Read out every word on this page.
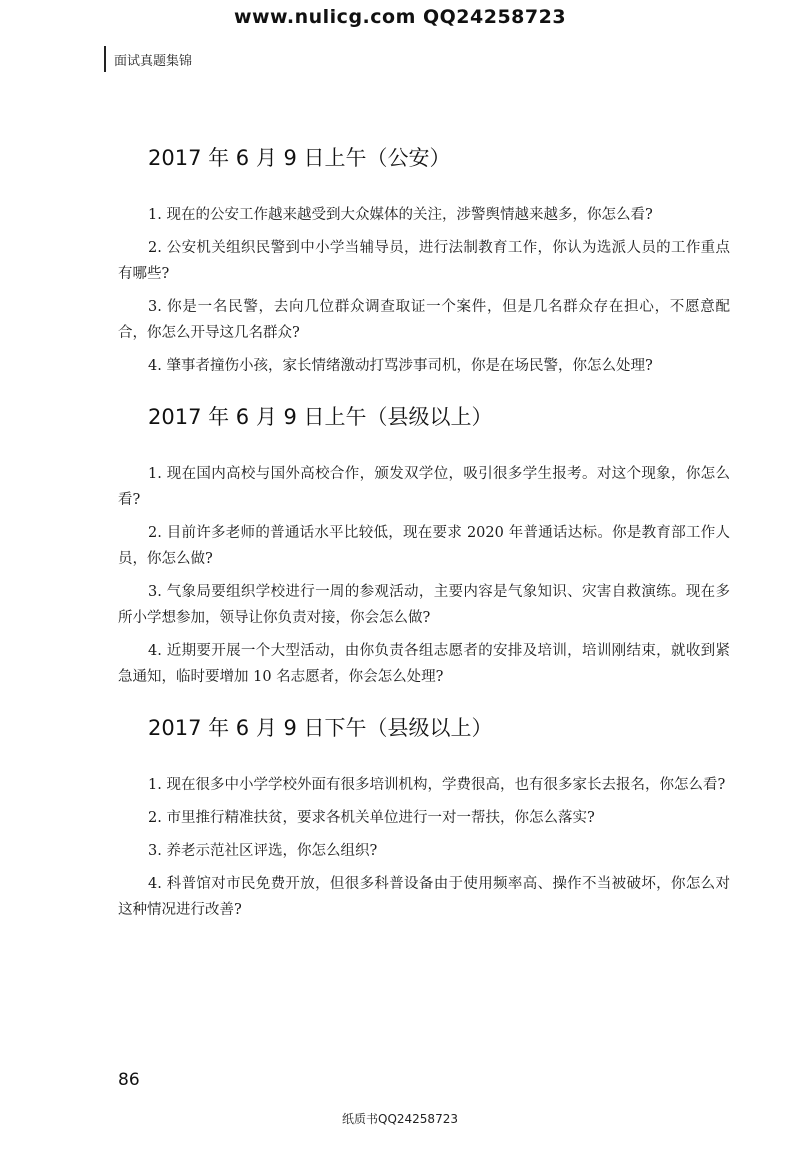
www.nulicg.com QQ24258723
面试真题集锦
2017 年 6 月 9 日上午（公安）

1. 现在的公安工作越来越受到大众媒体的关注，涉警舆情越来越多，你怎么看?

2. 公安机关组织民警到中小学当辅导员，进行法制教育工作，你认为选派人员的工作重点有哪些?

3. 你是一名民警，去向几位群众调查取证一个案件，但是几名群众存在担心，不愿意配合，你怎么开导这几名群众?

4. 肇事者撞伤小孩，家长情绪激动打骂涉事司机，你是在场民警，你怎么处理?

2017 年 6 月 9 日上午（县级以上）

1. 现在国内高校与国外高校合作，颁发双学位，吸引很多学生报考。对这个现象，你怎么看?

2. 目前许多老师的普通话水平比较低，现在要求 2020 年普通话达标。你是教育部工作人员，你怎么做?

3. 气象局要组织学校进行一周的参观活动，主要内容是气象知识、灾害自救演练。现在多所小学想参加，领导让你负责对接，你会怎么做?

4. 近期要开展一个大型活动，由你负责各组志愿者的安排及培训，培训刚结束，就收到紧急通知，临时要增加 10 名志愿者，你会怎么处理?

2017 年 6 月 9 日下午（县级以上）

1. 现在很多中小学学校外面有很多培训机构，学费很高，也有很多家长去报名，你怎么看?

2. 市里推行精准扶贫，要求各机关单位进行一对一帮扶，你怎么落实?

3. 养老示范社区评选，你怎么组织?

4. 科普馆对市民免费开放，但很多科普设备由于使用频率高、操作不当被破坏，你怎么对这种情况进行改善?

86
纸质书QQ24258723
